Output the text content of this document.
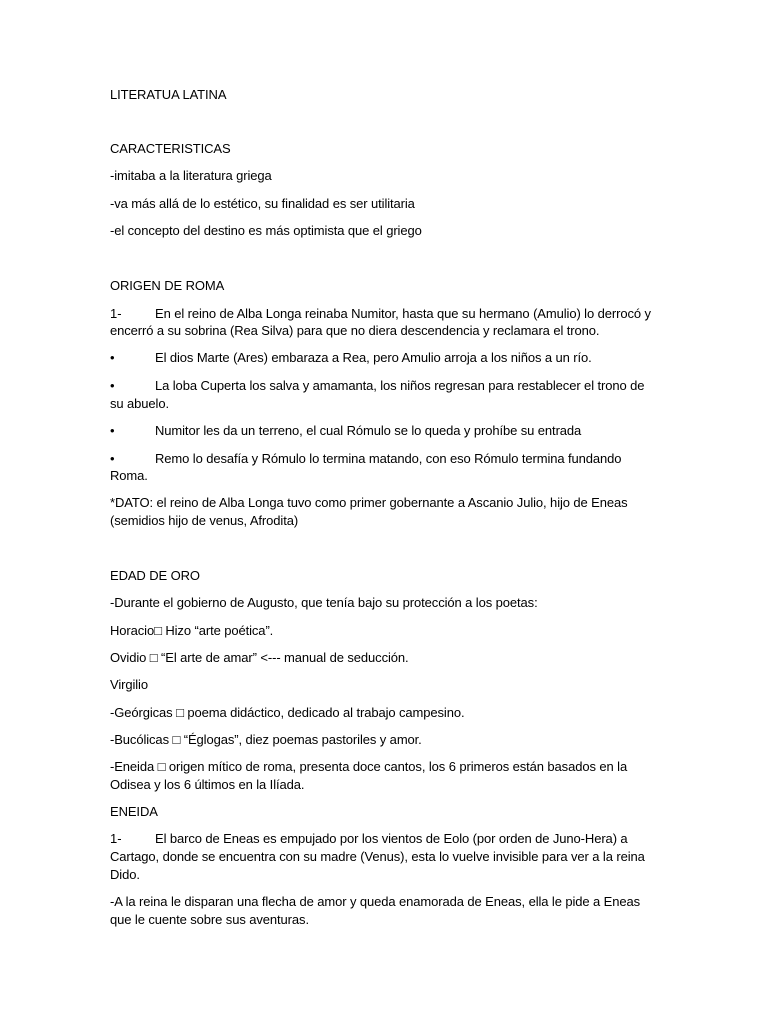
LITERATUA LATINA
CARACTERISTICAS
-imitaba a la literatura griega
-va más allá de lo estético, su finalidad es ser utilitaria
-el concepto del destino es más optimista que el griego
ORIGEN DE ROMA
1-	En el reino de Alba Longa reinaba Numitor, hasta que su hermano (Amulio) lo derrocó y
encerró a su sobrina (Rea Silva) para que no diera descendencia y reclamara el trono.
•	El dios Marte (Ares) embaraza a Rea, pero Amulio arroja a los niños a un río.
•	La loba Cuperta los salva y amamanta, los niños regresan para restablecer el trono de
su abuelo.
•	Numitor les da un terreno, el cual Rómulo se lo queda y prohíbe su entrada
•	Remo lo desafía y Rómulo lo termina matando, con eso Rómulo termina fundando
Roma.
*DATO: el reino de Alba Longa tuvo como primer gobernante a Ascanio Julio, hijo de Eneas
(semidios hijo de venus, Afrodita)
EDAD DE ORO
-Durante el gobierno de Augusto, que tenía bajo su protección a los poetas:
Horacio□ Hizo “arte poética”.
Ovidio □ “El arte de amar” <--- manual de seducción.
Virgilio
-Geórgicas □ poema didáctico, dedicado al trabajo campesino.
-Bucólicas □ “Églogas”, diez poemas pastoriles y amor.
-Eneida □ origen mítico de roma, presenta doce cantos, los 6 primeros están basados en la
Odisea y los 6 últimos en la Ilíada.
ENEIDA
1-	El barco de Eneas es empujado por los vientos de Eolo (por orden de Juno-Hera) a
Cartago, donde se encuentra con su madre (Venus), esta lo vuelve invisible para ver a la reina
Dido.
-A la reina le disparan una flecha de amor y queda enamorada de Eneas, ella le pide a Eneas
que le cuente sobre sus aventuras.
